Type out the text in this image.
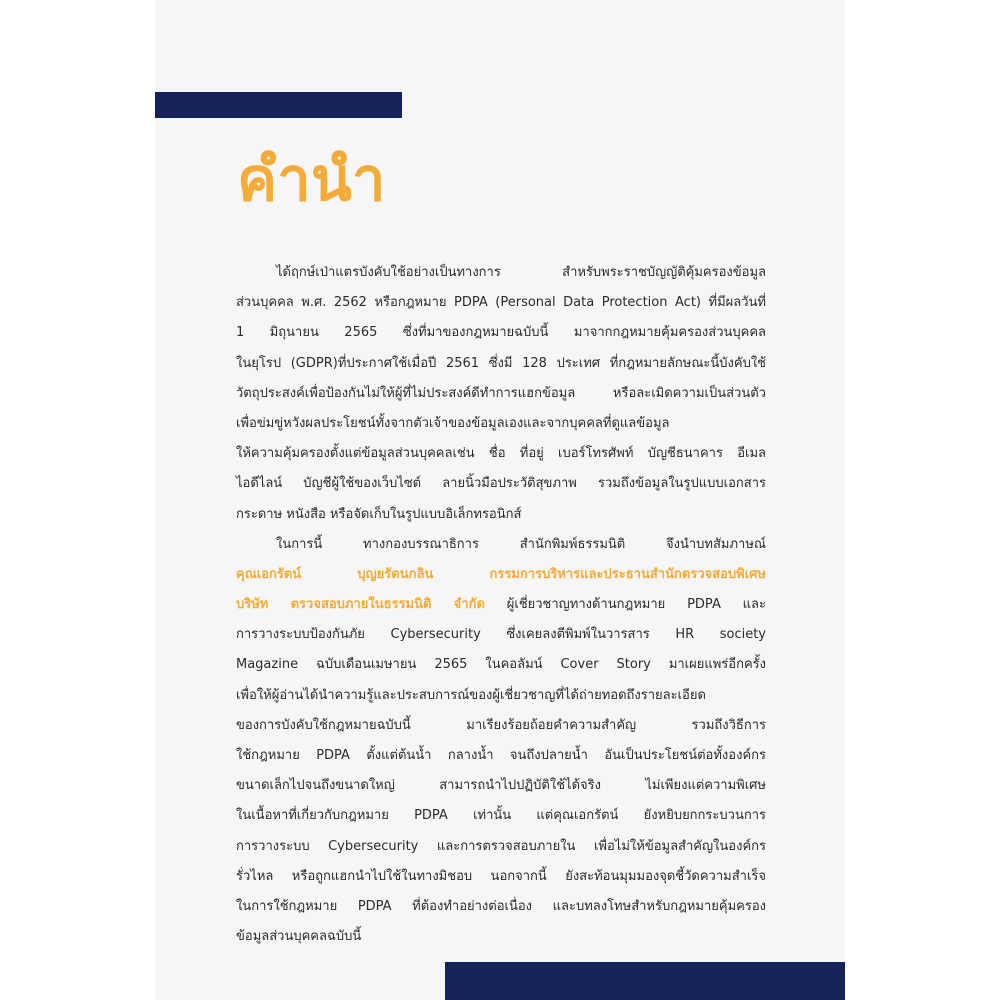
คำนำ
ได้ฤกษ์เป่าแตรบังคับใช้อย่างเป็นทางการ สำหรับพระราชบัญญัติคุ้มครองข้อมูล
ส่วนบุคคล พ.ศ. 2562 หรือกฎหมาย PDPA (Personal Data Protection Act) ที่มีผลวันที่
1 มิถุนายน 2565 ซึ่งที่มาของกฎหมายฉบับนี้ มาจากกฎหมายคุ้มครองส่วนบุคคล
ในยุโรป (GDPR)ที่ประกาศใช้เมื่อปี 2561 ซึ่งมี 128 ประเทศ ที่กฎหมายลักษณะนี้บังคับใช้
วัตถุประสงค์เพื่อป้องกันไม่ให้ผู้ที่ไม่ประสงค์ดีทำการแฮกข้อมูล หรือละเมิดความเป็นส่วนตัว
เพื่อข่มขู่หวังผลประโยชน์ทั้งจากตัวเจ้าของข้อมูลเองและจากบุคคลที่ดูแลข้อมูล
ให้ความคุ้มครองตั้งแต่ข้อมูลส่วนบุคคลเช่น ชื่อ ที่อยู่ เบอร์โทรศัพท์ บัญชีธนาคาร อีเมล
ไอดีไลน์ บัญชีผู้ใช้ของเว็บไซต์ ลายนิ้วมือประวัติสุขภาพ รวมถึงข้อมูลในรูปแบบเอกสาร
กระดาษ หนังสือ หรือจัดเก็บในรูปแบบอิเล็กทรอนิกส์
ในการนี้ ทางกองบรรณาธิการ สำนักพิมพ์ธรรมนิติ จึงนำบทสัมภาษณ์
คุณเอกรัตน์ บุญยรัตนกลิน กรรมการบริหารและประธานสำนักตรวจสอบพิเศษ
บริษัท ตรวจสอบภายในธรรมนิติ จำกัด ผู้เชี่ยวชาญทางด้านกฎหมาย PDPA และ
การวางระบบป้องกันภัย Cybersecurity ซึ่งเคยลงตีพิมพ์ในวารสาร HR society
Magazine ฉบับเดือนเมษายน 2565 ในคอลัมน์ Cover Story มาเผยแพร่อีกครั้ง
เพื่อให้ผู้อ่านได้นำความรู้และประสบการณ์ของผู้เชี่ยวชาญที่ได้ถ่ายทอดถึงรายละเอียด
ของการบังคับใช้กฎหมายฉบับนี้ มาเรียงร้อยถ้อยคำความสำคัญ รวมถึงวิธีการ
ใช้กฎหมาย PDPA ตั้งแต่ต้นน้ำ กลางน้ำ จนถึงปลายน้ำ อันเป็นประโยชน์ต่อทั้งองค์กร
ขนาดเล็กไปจนถึงขนาดใหญ่ สามารถนำไปปฏิบัติใช้ได้จริง ไม่เพียงแต่ความพิเศษ
ในเนื้อหาที่เกี่ยวกับกฎหมาย PDPA เท่านั้น แต่คุณเอกรัตน์ ยังหยิบยกกระบวนการ
การวางระบบ Cybersecurity และการตรวจสอบภายใน เพื่อไม่ให้ข้อมูลสำคัญในองค์กร
รั่วไหล หรือถูกแฮกนำไปใช้ในทางมิชอบ นอกจากนี้ ยังสะท้อนมุมมองจุดชี้วัดความสำเร็จ
ในการใช้กฎหมาย PDPA ที่ต้องทำอย่างต่อเนื่อง และบทลงโทษสำหรับกฎหมายคุ้มครอง
ข้อมูลส่วนบุคคลฉบับนี้
